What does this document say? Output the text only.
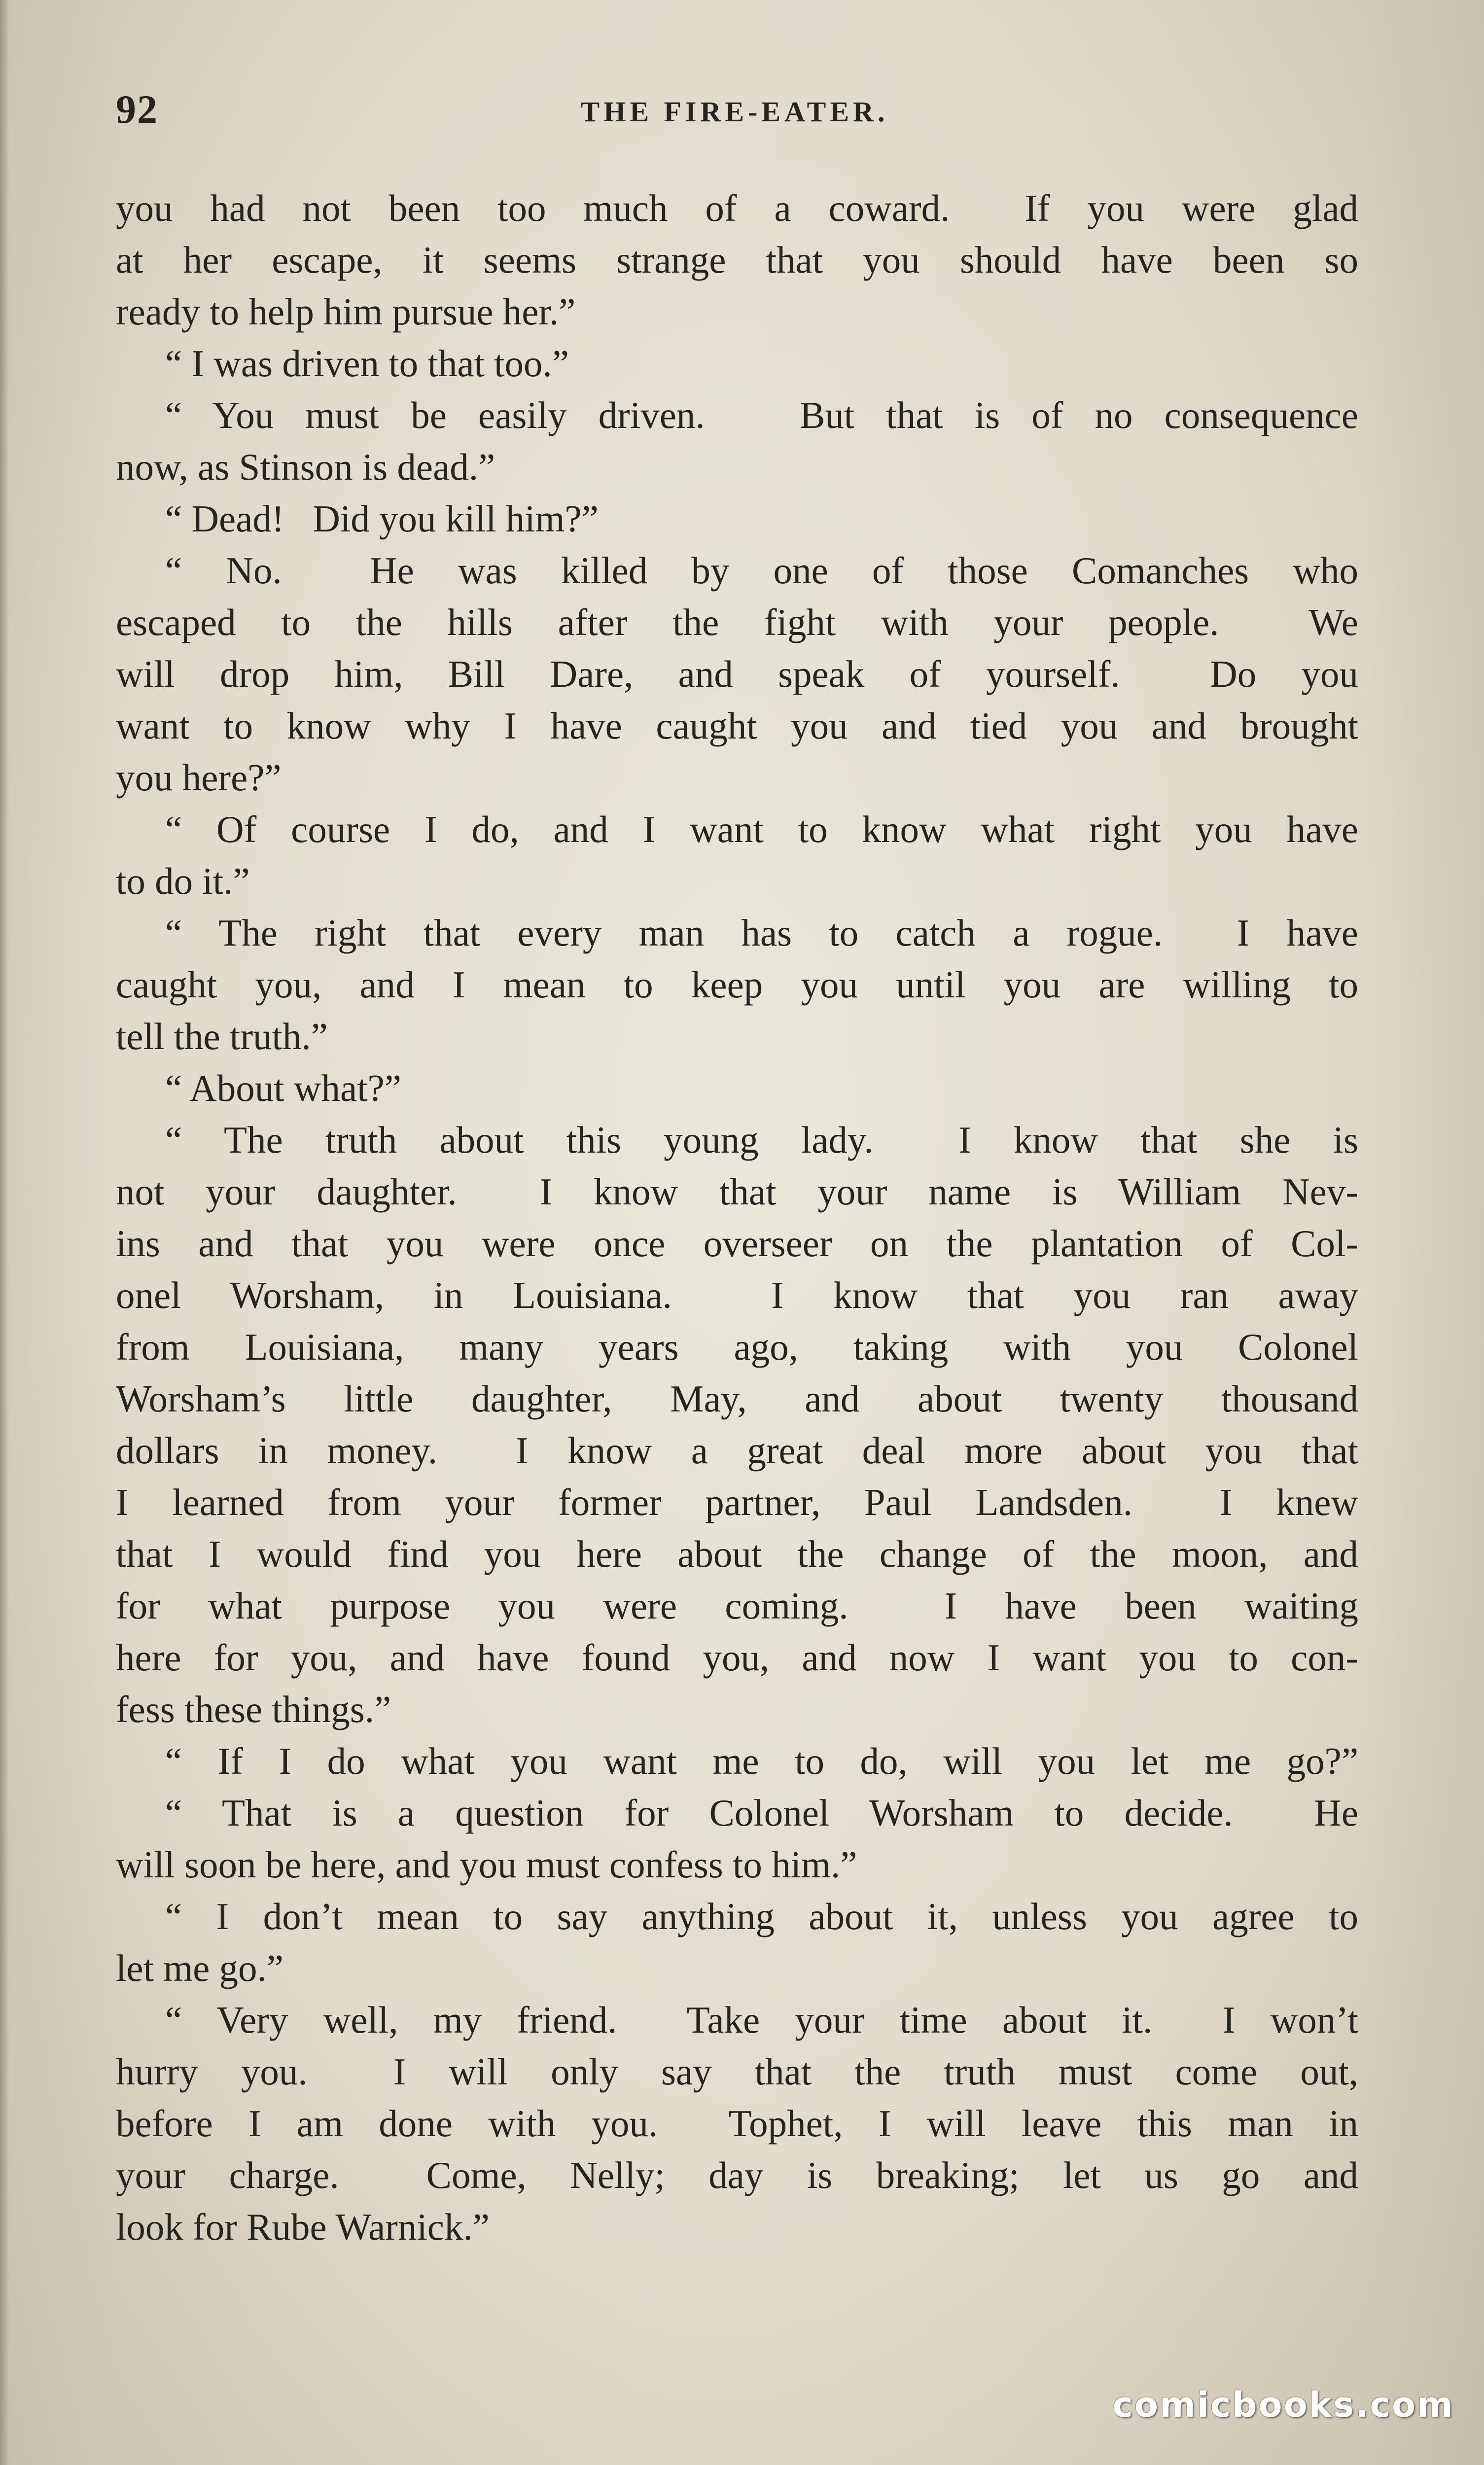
92	THE FIRE-EATER.
you had not been too much of a coward.  If you were glad
at her escape, it seems strange that you should have been so
ready to help him pursue her.”
“ I was driven to that too.”
“ You must be easily driven.   But that is of no consequence
now, as Stinson is dead.”
“ Dead!   Did you kill him?”
“ No.  He was killed by one of those Comanches who
escaped to the hills after the fight with your people.  We
will drop him, Bill Dare, and speak of yourself.  Do you
want to know why I have caught you and tied you and brought
you here?”
“ Of course I do, and I want to know what right you have
to do it.”
“ The right that every man has to catch a rogue.  I have
caught you, and I mean to keep you until you are willing to
tell the truth.”
“ About what?”
“ The truth about this young lady.  I know that she is
not your daughter.  I know that your name is William Nev-
ins and that you were once overseer on the plantation of Col-
onel Worsham, in Louisiana.  I know that you ran away
from Louisiana, many years ago, taking with you Colonel
Worsham’s little daughter, May, and about twenty thousand
dollars in money.  I know a great deal more about you that
I learned from your former partner, Paul Landsden.  I knew
that I would find you here about the change of the moon, and
for what purpose you were coming.  I have been waiting
here for you, and have found you, and now I want you to con-
fess these things.”
“ If I do what you want me to do, will you let me go?”
“ That is a question for Colonel Worsham to decide.  He
will soon be here, and you must confess to him.”
“ I don’t mean to say anything about it, unless you agree to
let me go.”
“ Very well, my friend.  Take your time about it.  I won’t
hurry you.  I will only say that the truth must come out,
before I am done with you.  Tophet, I will leave this man in
your charge.  Come, Nelly; day is breaking; let us go and
look for Rube Warnick.”
comicbooks.com
